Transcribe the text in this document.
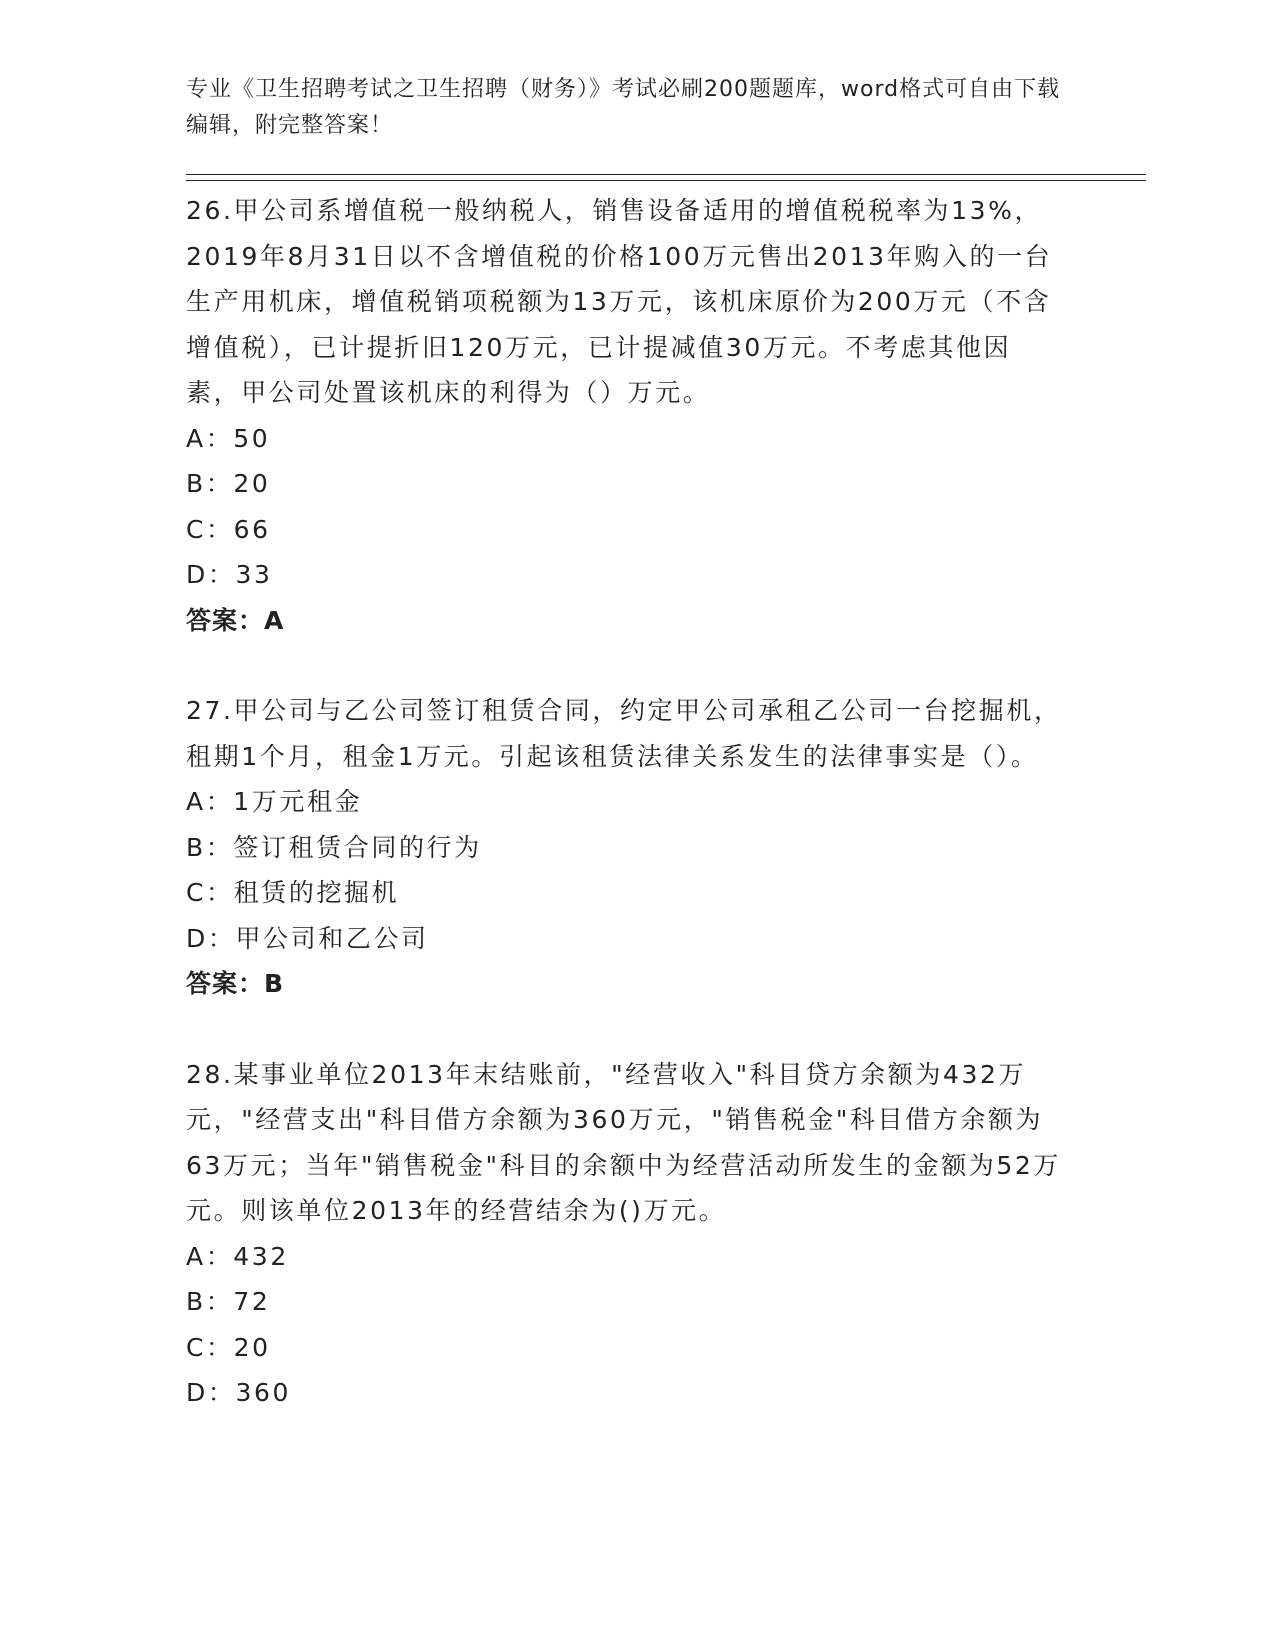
专业《卫生招聘考试之卫生招聘（财务）》考试必刷200题题库，word格式可自由下载编辑，附完整答案！

26.甲公司系增值税一般纳税人，销售设备适用的增值税税率为13%，2019年8月31日以不含增值税的价格100万元售出2013年购入的一台生产用机床，增值税销项税额为13万元，该机床原价为200万元（不含增值税），已计提折旧120万元，已计提减值30万元。不考虑其他因素，甲公司处置该机床的利得为（）万元。

A：50

B：20

C：66

D：33

答案：A

27.甲公司与乙公司签订租赁合同，约定甲公司承租乙公司一台挖掘机，租期1个月，租金1万元。引起该租赁法律关系发生的法律事实是（）。

A：1万元租金

B：签订租赁合同的行为

C：租赁的挖掘机

D：甲公司和乙公司

答案：B

28.某事业单位2013年末结账前，"经营收入"科目贷方余额为432万元，"经营支出"科目借方余额为360万元，"销售税金"科目借方余额为63万元；当年"销售税金"科目的余额中为经营活动所发生的金额为52万元。则该单位2013年的经营结余为()万元。

A：432

B：72

C：20

D：360
